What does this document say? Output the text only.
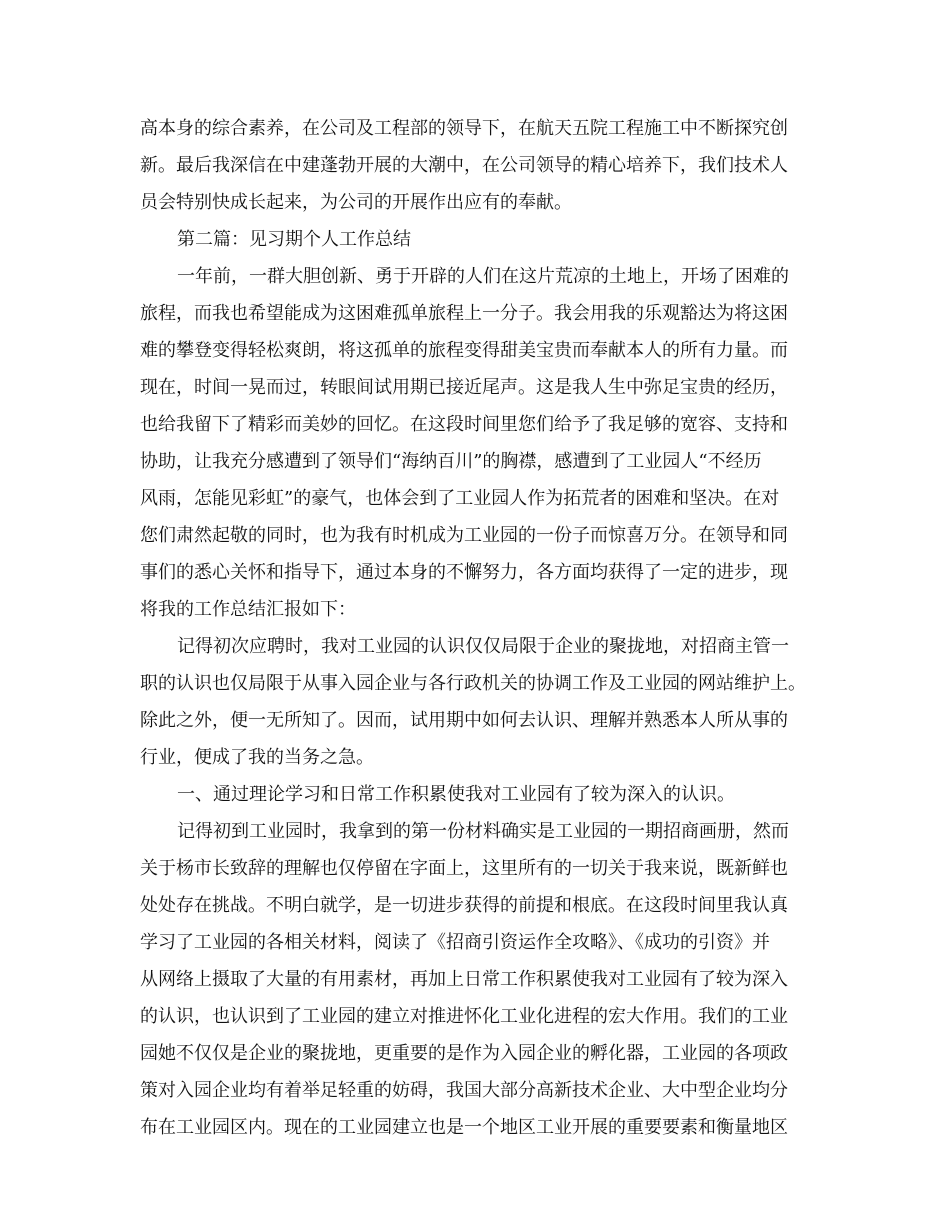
高本身的综合素养，在公司及工程部的领导下，在航天五院工程施工中不断探究创
新。最后我深信在中建蓬勃开展的大潮中，在公司领导的精心培养下，我们技术人
员会特别快成长起来，为公司的开展作出应有的奉献。
第二篇：见习期个人工作总结
一年前，一群大胆创新、勇于开辟的人们在这片荒凉的土地上，开场了困难的
旅程，而我也希望能成为这困难孤单旅程上一分子。我会用我的乐观豁达为将这困
难的攀登变得轻松爽朗，将这孤单的旅程变得甜美宝贵而奉献本人的所有力量。而
现在，时间一晃而过，转眼间试用期已接近尾声。这是我人生中弥足宝贵的经历，
也给我留下了精彩而美妙的回忆。在这段时间里您们给予了我足够的宽容、支持和
协助，让我充分感遭到了领导们“海纳百川”的胸襟，感遭到了工业园人“不经历
风雨，怎能见彩虹”的豪气，也体会到了工业园人作为拓荒者的困难和坚决。在对
您们肃然起敬的同时，也为我有时机成为工业园的一份子而惊喜万分。在领导和同
事们的悉心关怀和指导下，通过本身的不懈努力，各方面均获得了一定的进步，现
将我的工作总结汇报如下：
记得初次应聘时，我对工业园的认识仅仅局限于企业的聚拢地，对招商主管一
职的认识也仅局限于从事入园企业与各行政机关的协调工作及工业园的网站维护上。
除此之外，便一无所知了。因而，试用期中如何去认识、理解并熟悉本人所从事的
行业，便成了我的当务之急。
一、通过理论学习和日常工作积累使我对工业园有了较为深入的认识。
记得初到工业园时，我拿到的第一份材料确实是工业园的一期招商画册，然而
关于杨市长致辞的理解也仅停留在字面上，这里所有的一切关于我来说，既新鲜也
处处存在挑战。不明白就学，是一切进步获得的前提和根底。在这段时间里我认真
学习了工业园的各相关材料，阅读了《招商引资运作全攻略》、《成功的引资》并
从网络上摄取了大量的有用素材，再加上日常工作积累使我对工业园有了较为深入
的认识，也认识到了工业园的建立对推进怀化工业化进程的宏大作用。我们的工业
园她不仅仅是企业的聚拢地，更重要的是作为入园企业的孵化器，工业园的各项政
策对入园企业均有着举足轻重的妨碍，我国大部分高新技术企业、大中型企业均分
布在工业园区内。现在的工业园建立也是一个地区工业开展的重要要素和衡量地区
